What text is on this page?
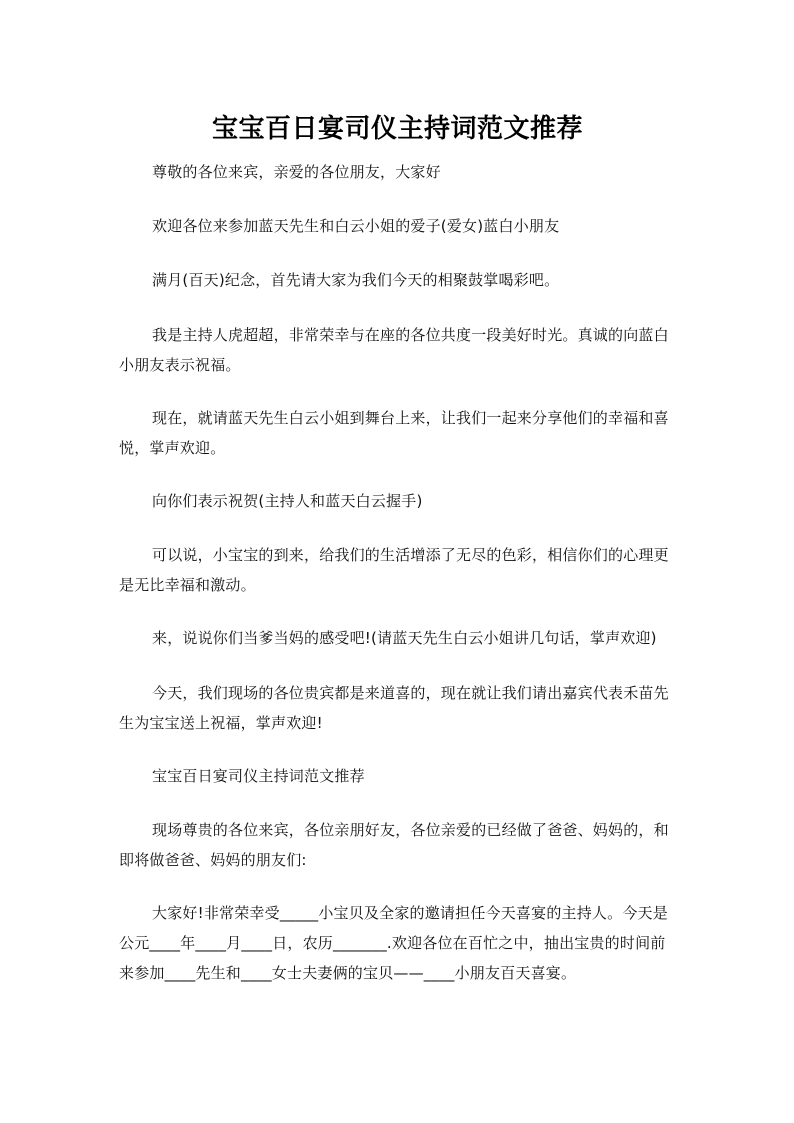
宝宝百日宴司仪主持词范文推荐
尊敬的各位来宾，亲爱的各位朋友，大家好
欢迎各位来参加蓝天先生和白云小姐的爱子(爱女)蓝白小朋友
满月(百天)纪念，首先请大家为我们今天的相聚鼓掌喝彩吧。
我是主持人虎超超，非常荣幸与在座的各位共度一段美好时光。真诚的向蓝白小朋友表示祝福。
现在，就请蓝天先生白云小姐到舞台上来，让我们一起来分享他们的幸福和喜悦，掌声欢迎。
向你们表示祝贺(主持人和蓝天白云握手)
可以说，小宝宝的到来，给我们的生活增添了无尽的色彩，相信你们的心理更是无比幸福和激动。
来，说说你们当爹当妈的感受吧!(请蓝天先生白云小姐讲几句话，掌声欢迎)
今天，我们现场的各位贵宾都是来道喜的，现在就让我们请出嘉宾代表禾苗先生为宝宝送上祝福，掌声欢迎!
宝宝百日宴司仪主持词范文推荐
现场尊贵的各位来宾，各位亲朋好友，各位亲爱的已经做了爸爸、妈妈的，和即将做爸爸、妈妈的朋友们:
大家好!非常荣幸受_____小宝贝及全家的邀请担任今天喜宴的主持人。今天是公元____年____月____日，农历_______.欢迎各位在百忙之中，抽出宝贵的时间前来参加____先生和____女士夫妻俩的宝贝——____小朋友百天喜宴。
